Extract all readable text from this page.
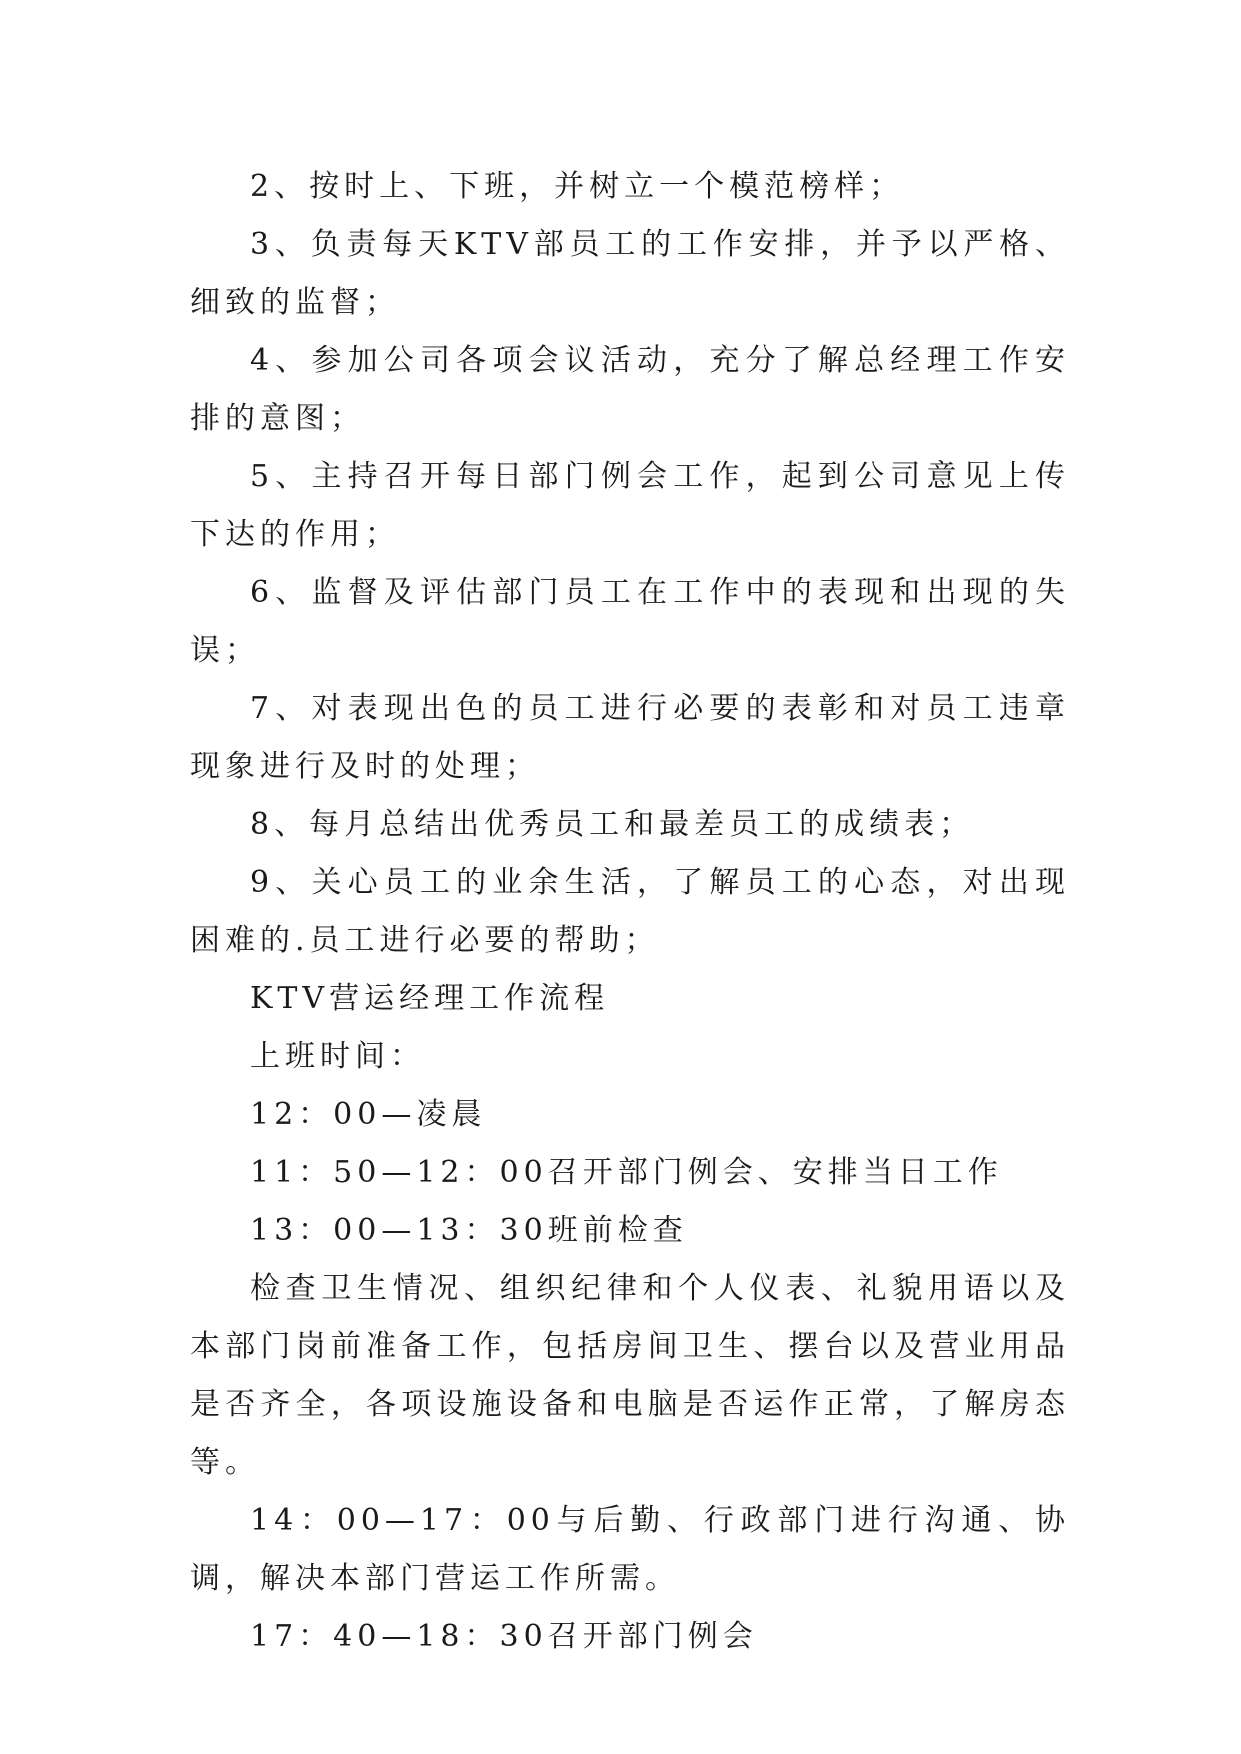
2、按时上、下班，并树立一个模范榜样；

3、负责每天KTV部员工的工作安排，并予以严格、细致的监督；

4、参加公司各项会议活动，充分了解总经理工作安排的意图；

5、主持召开每日部门例会工作，起到公司意见上传下达的作用；

6、监督及评估部门员工在工作中的表现和出现的失误；

7、对表现出色的员工进行必要的表彰和对员工违章现象进行及时的处理；

8、每月总结出优秀员工和最差员工的成绩表；

9、关心员工的业余生活，了解员工的心态，对出现困难的.员工进行必要的帮助；

KTV营运经理工作流程

上班时间：

12：00—凌晨

11：50—12：00召开部门例会、安排当日工作

13：00—13：30班前检查

检查卫生情况、组织纪律和个人仪表、礼貌用语以及本部门岗前准备工作，包括房间卫生、摆台以及营业用品是否齐全，各项设施设备和电脑是否运作正常，了解房态等。

14：00—17：00与后勤、行政部门进行沟通、协调，解决本部门营运工作所需。

17：40—18：30召开部门例会
